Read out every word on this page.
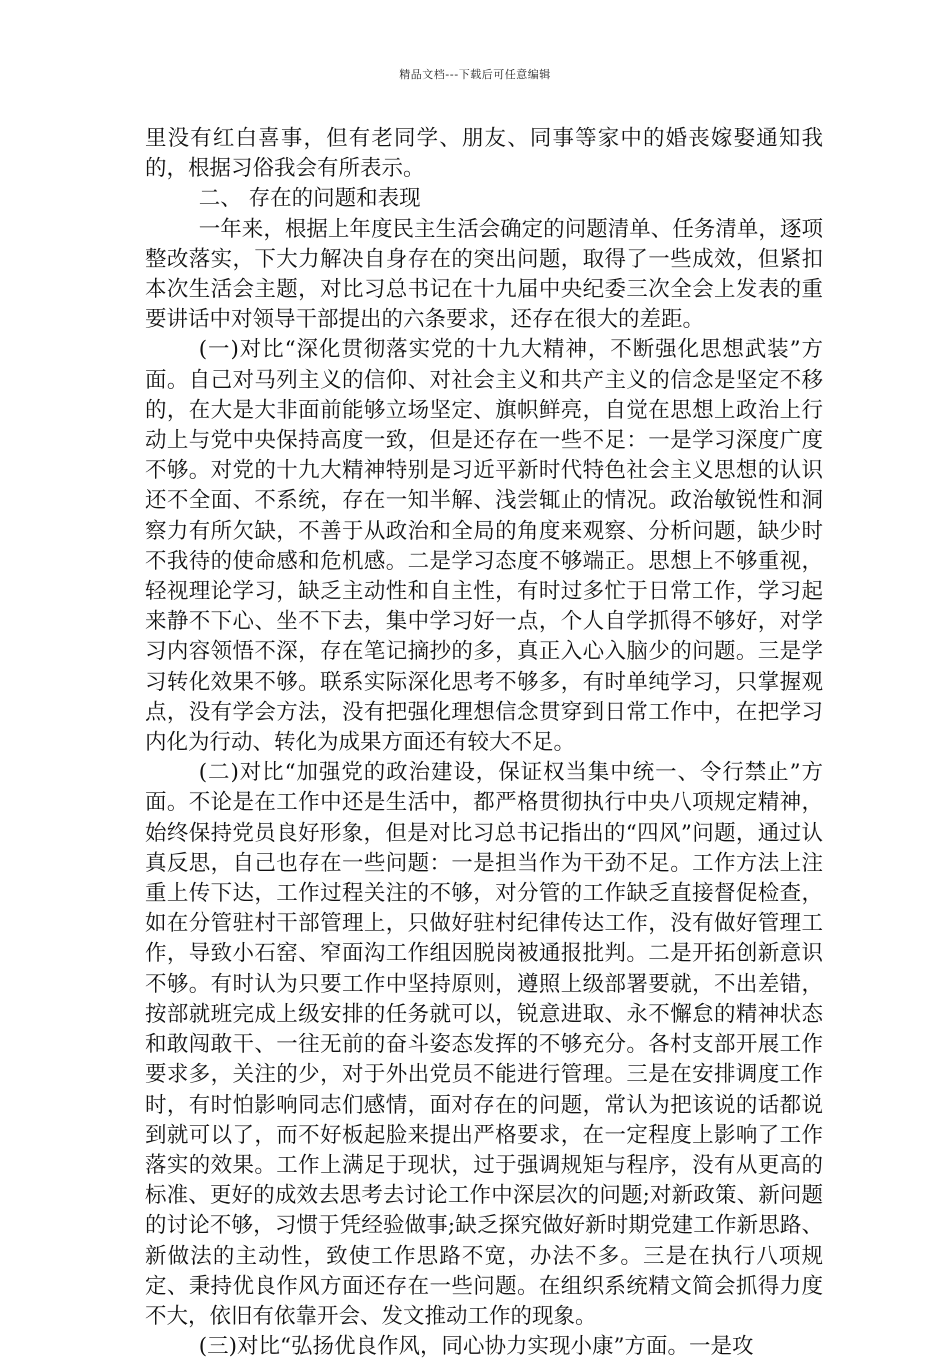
精品文档---下载后可任意编辑

里没有红白喜事，但有老同学、朋友、同事等家中的婚丧嫁娶通知我的，根据习俗我会有所表示。

二、 存在的问题和表现

一年来，根据上年度民主生活会确定的问题清单、任务清单，逐项整改落实，下大力解决自身存在的突出问题，取得了一些成效，但紧扣本次生活会主题，对比习总书记在十九届中央纪委三次全会上发表的重要讲话中对领导干部提出的六条要求，还存在很大的差距。

(一)对比“深化贯彻落实党的十九大精神，不断强化思想武装”方面。自己对马列主义的信仰、对社会主义和共产主义的信念是坚定不移的，在大是大非面前能够立场坚定、旗帜鲜亮，自觉在思想上政治上行动上与党中央保持高度一致，但是还存在一些不足：一是学习深度广度不够。对党的十九大精神特别是习近平新时代特色社会主义思想的认识还不全面、不系统，存在一知半解、浅尝辄止的情况。政治敏锐性和洞察力有所欠缺，不善于从政治和全局的角度来观察、分析问题，缺少时不我待的使命感和危机感。二是学习态度不够端正。思想上不够重视，轻视理论学习，缺乏主动性和自主性，有时过多忙于日常工作，学习起来静不下心、坐不下去，集中学习好一点，个人自学抓得不够好，对学习内容领悟不深，存在笔记摘抄的多，真正入心入脑少的问题。三是学习转化效果不够。联系实际深化思考不够多，有时单纯学习，只掌握观点，没有学会方法，没有把强化理想信念贯穿到日常工作中，在把学习内化为行动、转化为成果方面还有较大不足。

(二)对比“加强党的政治建设，保证权当集中统一、令行禁止”方面。不论是在工作中还是生活中，都严格贯彻执行中央八项规定精神，始终保持党员良好形象，但是对比习总书记指出的“四风”问题，通过认真反思，自己也存在一些问题：一是担当作为干劲不足。工作方法上注重上传下达，工作过程关注的不够，对分管的工作缺乏直接督促检查，如在分管驻村干部管理上，只做好驻村纪律传达工作，没有做好管理工作，导致小石窑、窄面沟工作组因脱岗被通报批判。二是开拓创新意识不够。有时认为只要工作中坚持原则，遵照上级部署要就，不出差错，按部就班完成上级安排的任务就可以，锐意进取、永不懈怠的精神状态和敢闯敢干、一往无前的奋斗姿态发挥的不够充分。各村支部开展工作要求多，关注的少，对于外出党员不能进行管理。三是在安排调度工作时，有时怕影响同志们感情，面对存在的问题，常认为把该说的话都说到就可以了，而不好板起脸来提出严格要求，在一定程度上影响了工作落实的效果。工作上满足于现状，过于强调规矩与程序，没有从更高的标准、更好的成效去思考去讨论工作中深层次的问题;对新政策、新问题的讨论不够，习惯于凭经验做事;缺乏探究做好新时期党建工作新思路、新做法的主动性，致使工作思路不宽，办法不多。三是在执行八项规定、秉持优良作风方面还存在一些问题。在组织系统精文简会抓得力度不大，依旧有依靠开会、发文推动工作的现象。

(三)对比“弘扬优良作风，同心协力实现小康”方面。一是攻
